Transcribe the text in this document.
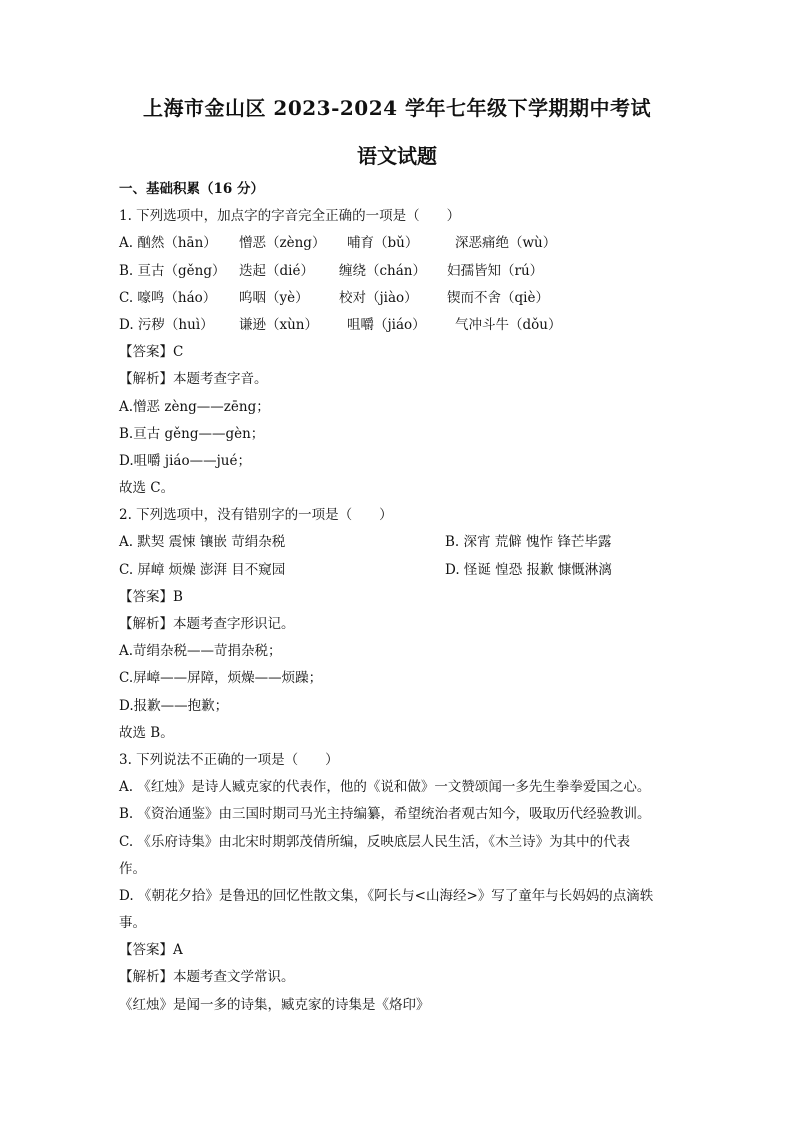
上海市金山区 2023-2024 学年七年级下学期期中考试
语文试题
一、基础积累（16 分）
1. 下列选项中，加点字的字音完全正确的一项是（　　）
A. 酗然（hān）	憎恶（zèng）	哺育（bǔ）	深恶痛绝（wù）
B. 亘古（gěng）	迭起（dié）	缠绕（chán）	妇孺皆知（rú）
C. 嚎鸣（háo）	呜咽（yè）	校对（jiào）	锲而不舍（qiè）
D. 污秽（huì）	谦逊（xùn）	咀嚼（jiáo）	气冲斗牛（dǒu）
【答案】C
【解析】本题考查字音。
A.憎恶 zèng——zēng；
B.亘古 gěng——gèn；
D.咀嚼 jiáo——jué；
故选 C。
2. 下列选项中，没有错别字的一项是（　　）
A. 默契 震悚 镶嵌 苛绢杂税	B. 深宵 荒僻 愧怍 锋芒毕露
C. 屏嶂 烦燥 澎湃 目不窥园	D. 怪诞 惶恐 报歉 慷慨淋漓
【答案】B
【解析】本题考查字形识记。
A.苛绢杂税——苛捐杂税；
C.屏嶂——屏障，烦燥——烦躁；
D.报歉——抱歉；
故选 B。
3. 下列说法不正确的一项是（　　）
A. 《红烛》是诗人臧克家的代表作，他的《说和做》一文赞颂闻一多先生拳拳爱国之心。
B. 《资治通鉴》由三国时期司马光主持编纂，希望统治者观古知今，吸取历代经验教训。
C. 《乐府诗集》由北宋时期郭茂倩所编，反映底层人民生活，《木兰诗》为其中的代表
作。
D. 《朝花夕拾》是鲁迅的回忆性散文集，《阿长与<山海经>》写了童年与长妈妈的点滴轶
事。
【答案】A
【解析】本题考查文学常识。
《红烛》是闻一多的诗集，臧克家的诗集是《烙印》
